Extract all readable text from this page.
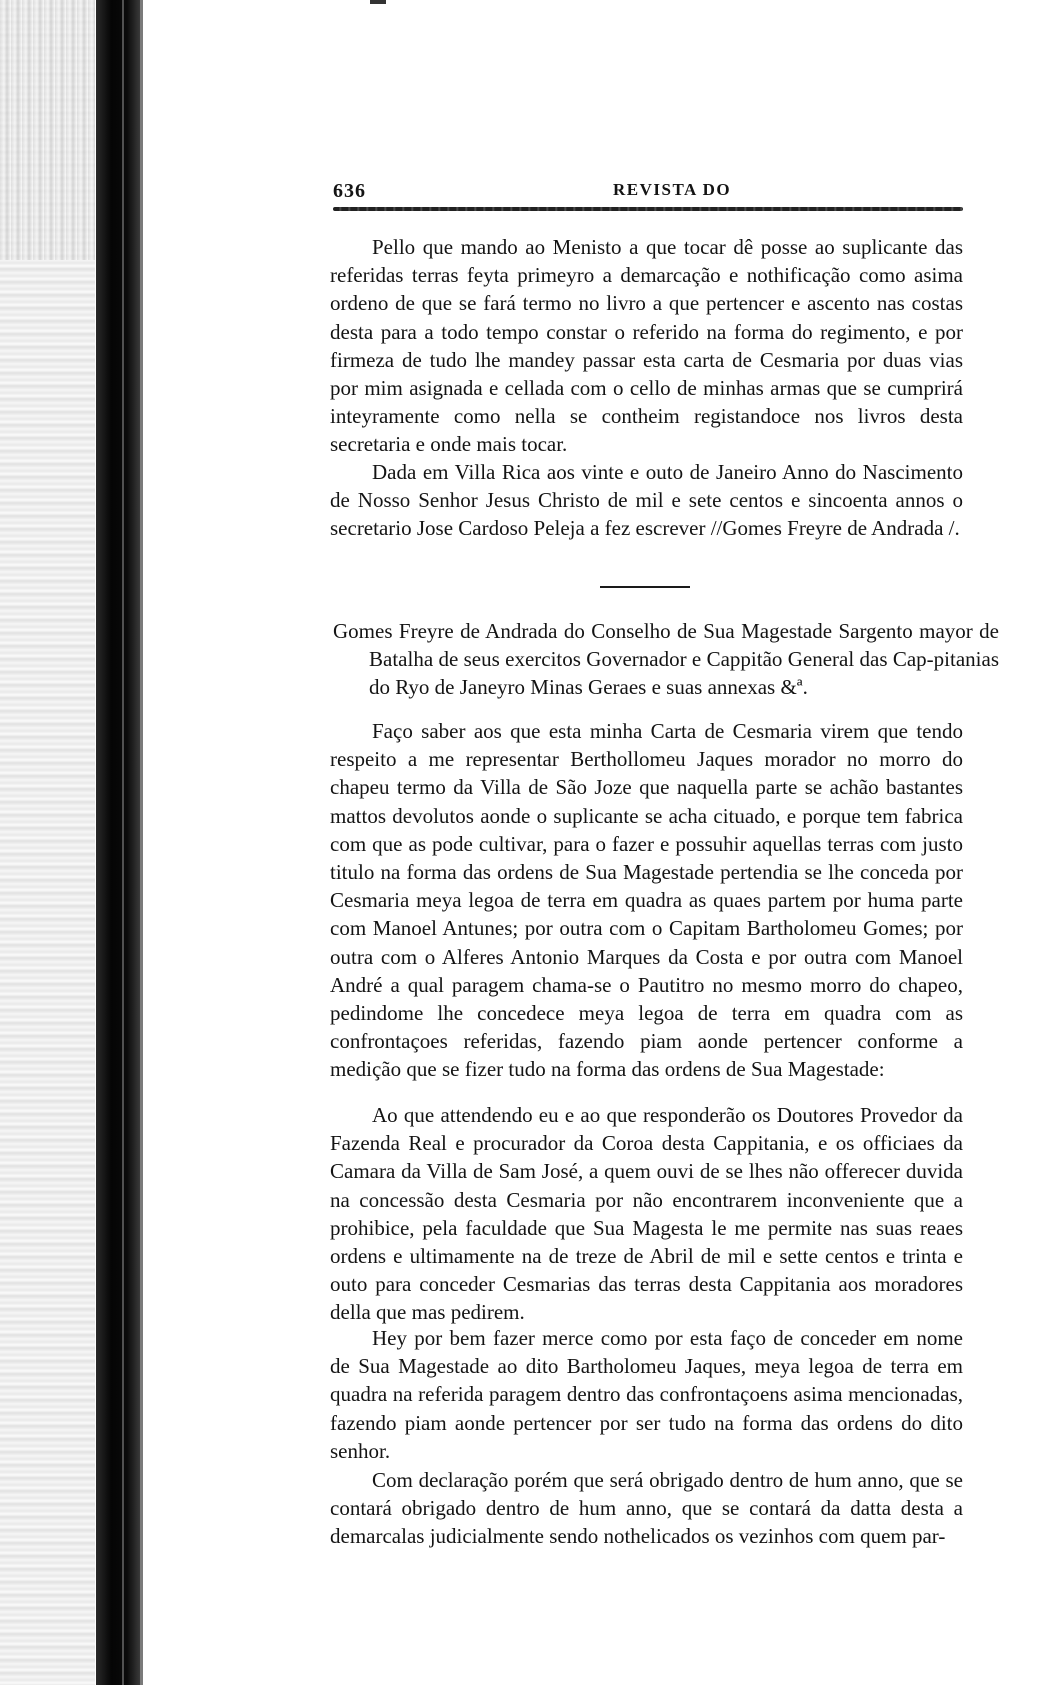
636	REVISTA DO

Pello que mando ao Menisto a que tocar dê posse ao suplicante das referidas terras feyta primeyro a demarcação e nothificação como asima ordeno de que se fará termo no livro a que pertencer e ascento nas costas desta para a todo tempo constar o referido na forma do regimento, e por firmeza de tudo lhe mandey passar esta carta de Cesmaria por duas vias por mim asignada e cellada com o cello de minhas armas que se cumprirá inteyramente como nella se contheim registandoce nos livros desta secretaria e onde mais tocar.

Dada em Villa Rica aos vinte e outo de Janeiro Anno do Nascimento de Nosso Senhor Jesus Christo de mil e sete centos e sincoenta annos o secretario Jose Cardoso Peleja a fez escrever //Gomes Freyre de Andrada /.

Gomes Freyre de Andrada do Conselho de Sua Magestade Sargento mayor de Batalha de seus exercitos Governador e Cappitão General das Cap-pitanias do Ryo de Janeyro Minas Geraes e suas annexas &ª.

Faço saber aos que esta minha Carta de Cesmaria virem que tendo respeito a me representar Berthollomeu Jaques morador no morro do chapeu termo da Villa de São Joze que naquella parte se achão bastantes mattos devolutos aonde o suplicante se acha cituado, e porque tem fabrica com que as pode cultivar, para o fazer e possuhir aquellas terras com justo titulo na forma das ordens de Sua Magestade pertendia se lhe conceda por Cesmaria meya legoa de terra em quadra as quaes partem por huma parte com Manoel Antunes; por outra com o Capitam Bartholomeu Gomes; por outra com o Alferes Antonio Marques da Costa e por outra com Manoel André a qual paragem chama-se o Pautitro no mesmo morro do chapeo, pedindome lhe concedece meya legoa de terra em quadra com as confrontaçoes referidas, fazendo piam aonde pertencer conforme a medição que se fizer tudo na forma das ordens de Sua Magestade:

Ao que attendendo eu e ao que responderão os Doutores Provedor da Fazenda Real e procurador da Coroa desta Cappitania, e os officiaes da Camara da Villa de Sam José, a quem ouvi de se lhes não offerecer duvida na concessão desta Cesmaria por não encontrarem inconveniente que a prohibice, pela faculdade que Sua Magesta le me permite nas suas reaes ordens e ultimamente na de treze de Abril de mil e sette centos e trinta e outo para conceder Cesmarias das terras desta Cappitania aos moradores della que mas pedirem.

Hey por bem fazer merce como por esta faço de conceder em nome de Sua Magestade ao dito Bartholomeu Jaques, meya legoa de terra em quadra na referida paragem dentro das confrontaçoens asima mencionadas, fazendo piam aonde pertencer por ser tudo na forma das ordens do dito senhor.

Com declaração porém que será obrigado dentro de hum anno, que se contará obrigado dentro de hum anno, que se contará da datta desta a demarcalas judicialmente sendo nothelicados os vezinhos com quem par-
